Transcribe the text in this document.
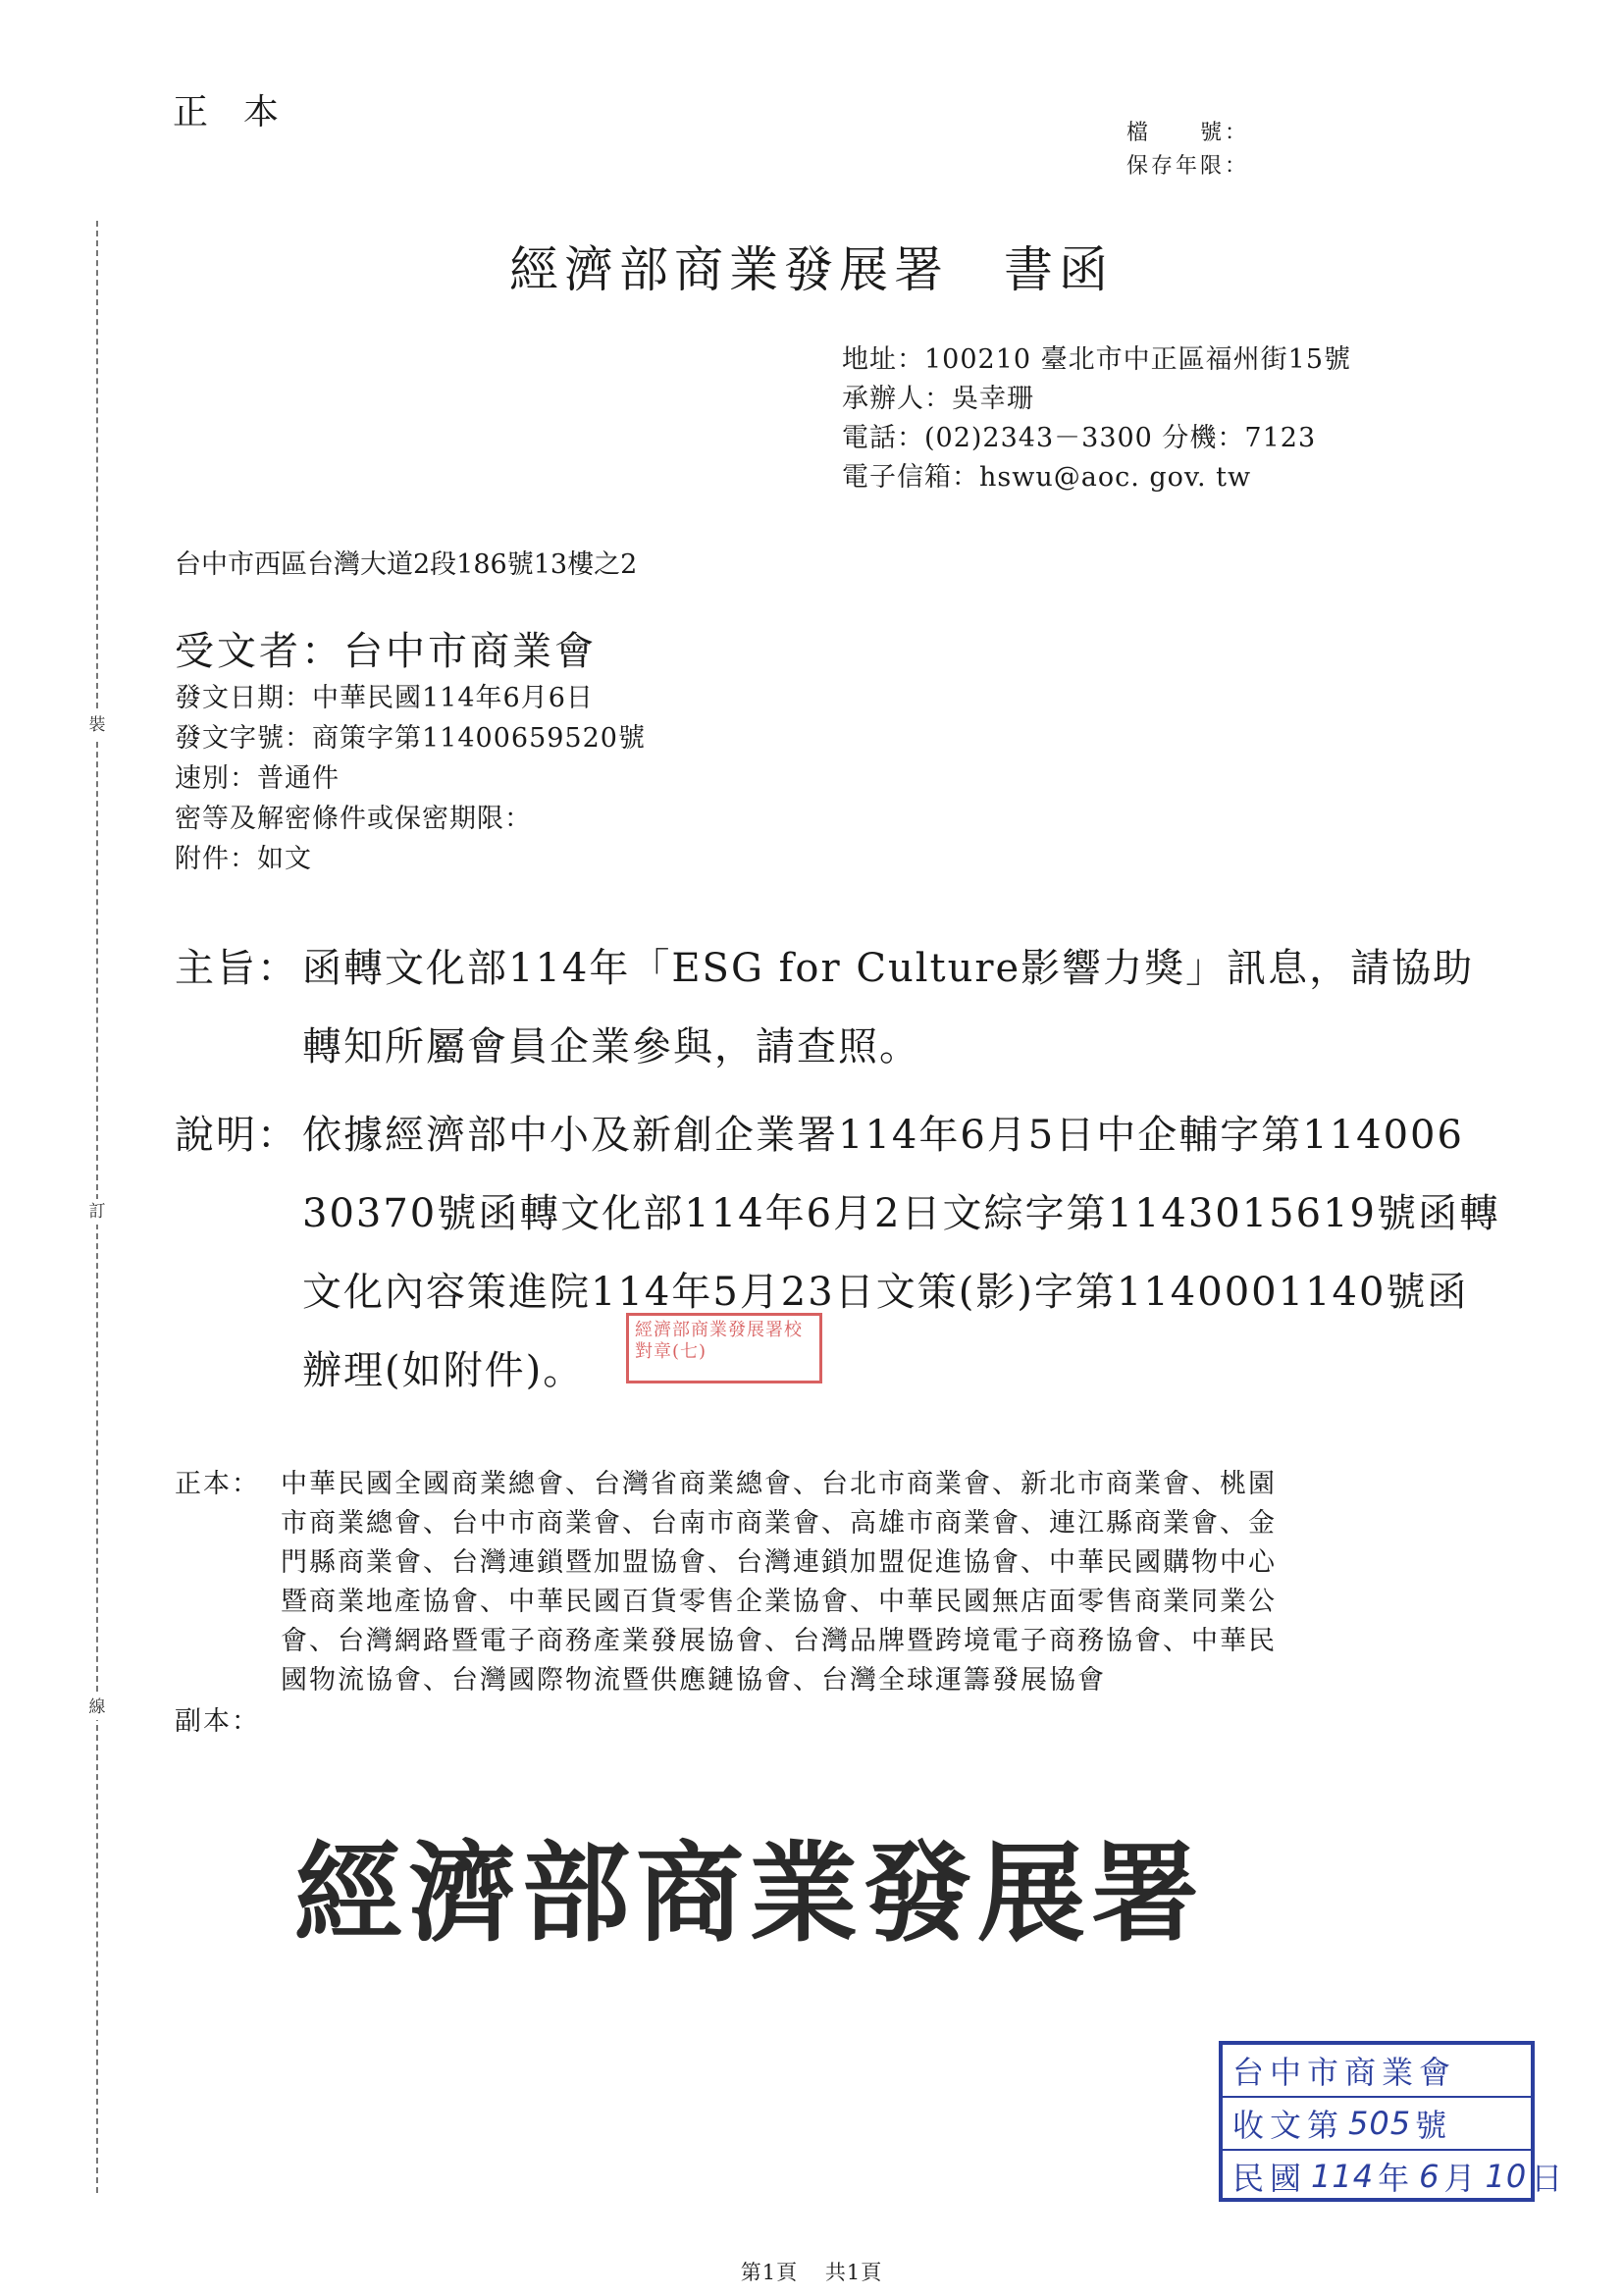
裝
訂
線
正本
檔　　號：
保存年限：
經濟部商業發展署　書函
地址：100210 臺北市中正區福州街15號
承辦人：吳幸珊
電話：(02)2343－3300 分機：7123
電子信箱：hswu@aoc. gov. tw
台中市西區台灣大道2段186號13樓之2
受文者：台中市商業會
發文日期：中華民國114年6月6日
發文字號：商策字第11400659520號
速別：普通件
密等及解密條件或保密期限：
附件：如文
主旨： 函轉文化部114年「ESG for Culture影響力獎」訊息，請協助
轉知所屬會員企業參與，請查照。
說明： 依據經濟部中小及新創企業署114年6月5日中企輔字第114006
30370號函轉文化部114年6月2日文綜字第1143015619號函轉
文化內容策進院114年5月23日文策(影)字第1140001140號函
辦理(如附件)。
經濟部商業發展署校對章(七)
正本： 中華民國全國商業總會、台灣省商業總會、台北市商業會、新北市商業會、桃園
市商業總會、台中市商業會、台南市商業會、高雄市商業會、連江縣商業會、金
門縣商業會、台灣連鎖暨加盟協會、台灣連鎖加盟促進協會、中華民國購物中心
暨商業地產協會、中華民國百貨零售企業協會、中華民國無店面零售商業同業公
會、台灣網路暨電子商務產業發展協會、台灣品牌暨跨境電子商務協會、中華民
國物流協會、台灣國際物流暨供應鏈協會、台灣全球運籌發展協會
副本：
經濟部商業發展署
台中市商業會
收文第 505 號
民國 114 年 6 月 10 日
第1頁 共1頁
